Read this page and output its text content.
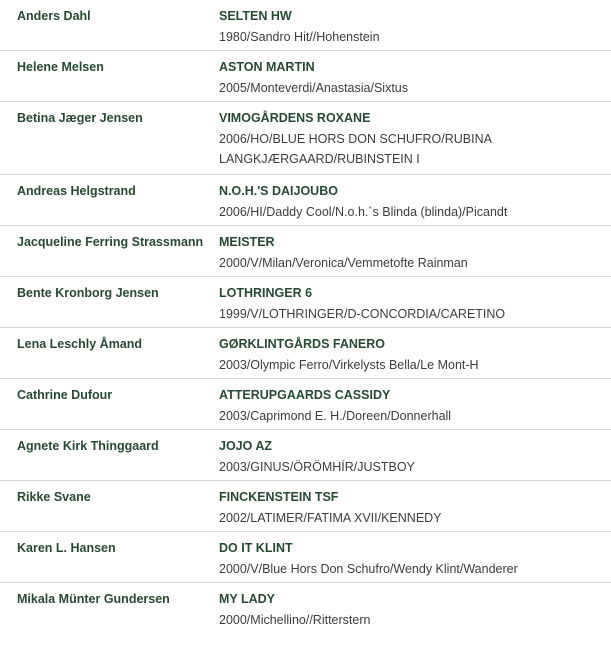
Anders Dahl	SELTEN HW
1980/Sandro Hit//Hohenstein
Helene Melsen	ASTON MARTIN
2005/Monteverdi/Anastasia/Sixtus
Betina Jæger Jensen	VIMOGÅRDENS ROXANE
2006/HO/BLUE HORS DON SCHUFRO/RUBINA LANGKJÆRGAARD/RUBINSTEIN I
Andreas Helgstrand	N.O.H.'S DAIJOUBO
2006/HI/Daddy Cool/N.o.h.´s Blinda (blinda)/Picandt
Jacqueline Ferring Strassmann	MEISTER
2000/V/Milan/Veronica/Vemmetofte Rainman
Bente Kronborg Jensen	LOTHRINGER 6
1999/V/LOTHRINGER/D-CONCORDIA/CARETINO
Lena Leschly Åmand	GØRKLINTGÅRDS FANERO
2003/Olympic Ferro/Virkelysts Bella/Le Mont-H
Cathrine Dufour	ATTERUPGAARDS CASSIDY
2003/Caprimond E. H./Doreen/Donnerhall
Agnete Kirk Thinggaard	JOJO AZ
2003/GINUS/ÖRÖMHÍR/JUSTBOY
Rikke Svane	FINCKENSTEIN TSF
2002/LATIMER/FATIMA XVII/KENNEDY
Karen L. Hansen	DO IT KLINT
2000/V/Blue Hors Don Schufro/Wendy Klint/Wanderer
Mikala Münter Gundersen	MY LADY
2000/Michellino//Ritterstern
